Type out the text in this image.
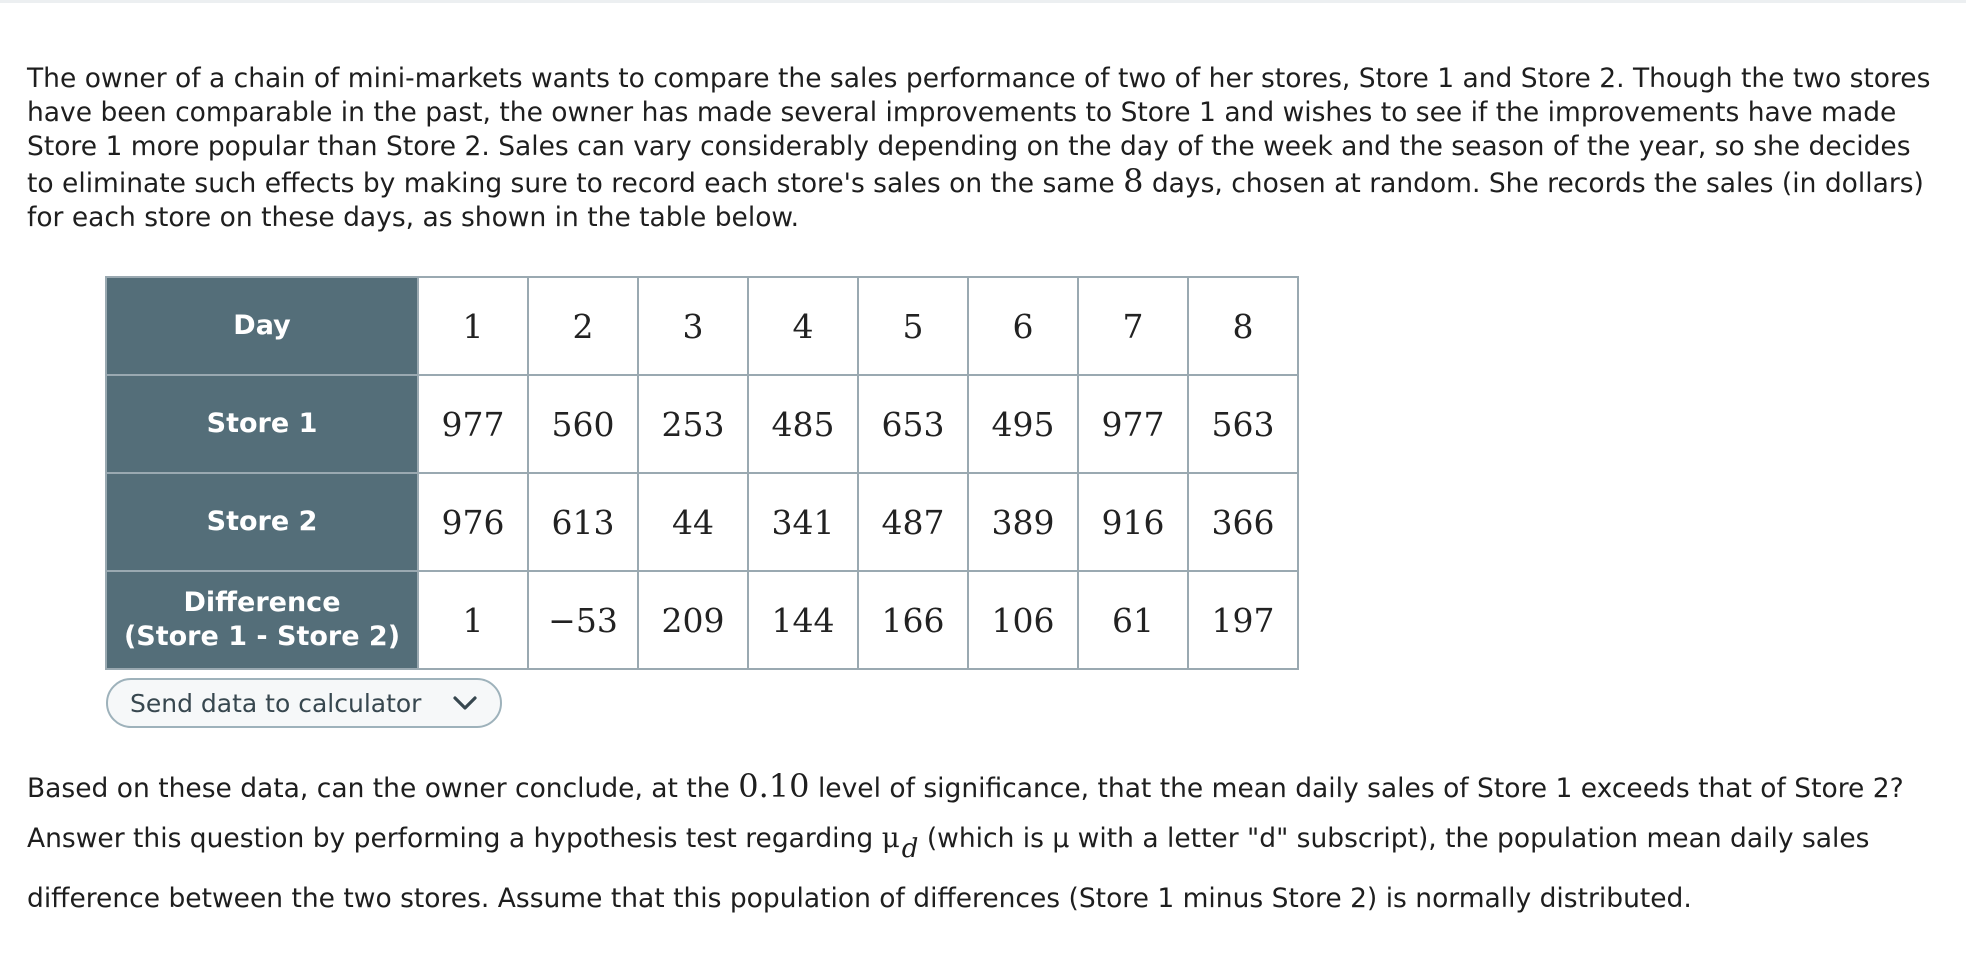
The owner of a chain of mini-markets wants to compare the sales performance of two of her stores, Store 1 and Store 2. Though the two stores have been comparable in the past, the owner has made several improvements to Store 1 and wishes to see if the improvements have made Store 1 more popular than Store 2. Sales can vary considerably depending on the day of the week and the season of the year, so she decides to eliminate such effects by making sure to record each store's sales on the same 8 days, chosen at random. She records the sales (in dollars) for each store on these days, as shown in the table below.
Day	1	2	3	4	5	6	7	8
Store 1	977	560	253	485	653	495	977	563
Store 2	976	613	44	341	487	389	916	366
Difference
(Store 1 - Store 2)	1	−53	209	144	166	106	61	197
Send data to calculator
Based on these data, can the owner conclude, at the 0.10 level of significance, that the mean daily sales of Store 1 exceeds that of Store 2? Answer this question by performing a hypothesis test regarding μd (which is μ with a letter "d" subscript), the population mean daily sales difference between the two stores. Assume that this population of differences (Store 1 minus Store 2) is normally distributed.
